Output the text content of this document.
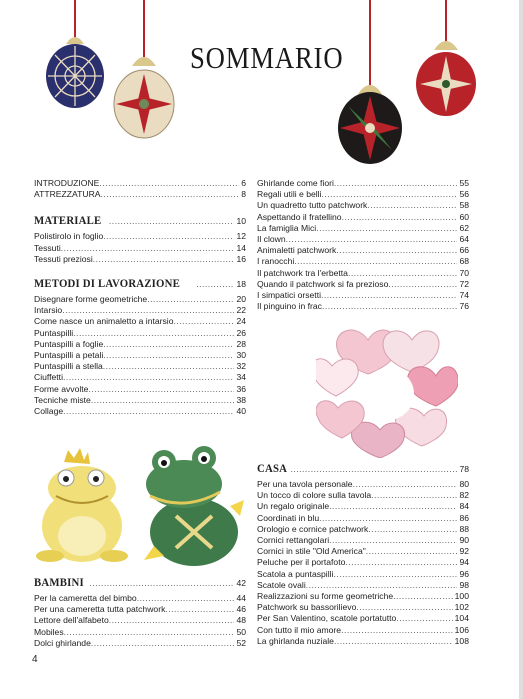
SOMMARIO
INTRODUZIONE .....	6
ATTREZZATURA .....	8
MATERIALE .....	10
Polistirolo in foglio .....	12
Tessuti .....	14
Tessuti preziosi .....	16
METODI DI LAVORAZIONE .....	18
Disegnare forme geometriche .....	20
Intarsio .....	22
Come nasce un animaletto a intarsio .....	24
Puntaspilli .....	26
Puntaspilli a foglie .....	28
Puntaspilli a petali .....	30
Puntaspilli a stella .....	32
Ciuffetti .....	34
Forme avvolte .....	36
Tecniche miste .....	38
Collage .....	40
BAMBINI .....	42
Per la cameretta del bimbo .....	44
Per una cameretta tutta patchwork .....	46
Lettore dell'alfabeto .....	48
Mobiles .....	50
Dolci ghirlande .....	52
Ghirlande come fiori .....	55
Regali utili e belli .....	56
Un quadretto tutto patchwork .....	58
Aspettando il fratellino .....	60
La famiglia Mici .....	62
Il clown .....	64
Animaletti patchwork .....	66
I ranocchi .....	68
Il patchwork tra l'erbetta .....	70
Quando il patchwork si fa prezioso .....	72
I simpatici orsetti .....	74
Il pinguino in frac .....	76
CASA .....	78
Per una tavola personale .....	80
Un tocco di colore sulla tavola .....	82
Un regalo originale .....	84
Coordinati in blu .....	86
Orologio e cornice patchwork .....	88
Cornici rettangolari .....	90
Cornici in stile "Old America" .....	92
Peluche per il portafoto .....	94
Scatola a puntaspilli .....	96
Scatole ovali .....	98
Realizzazioni su forme geometriche .....	100
Patchwork su bassorilievo .....	102
Per San Valentino, scatole portatutto .....	104
Con tutto il mio amore .....	106
La ghirlanda nuziale .....	108
4
